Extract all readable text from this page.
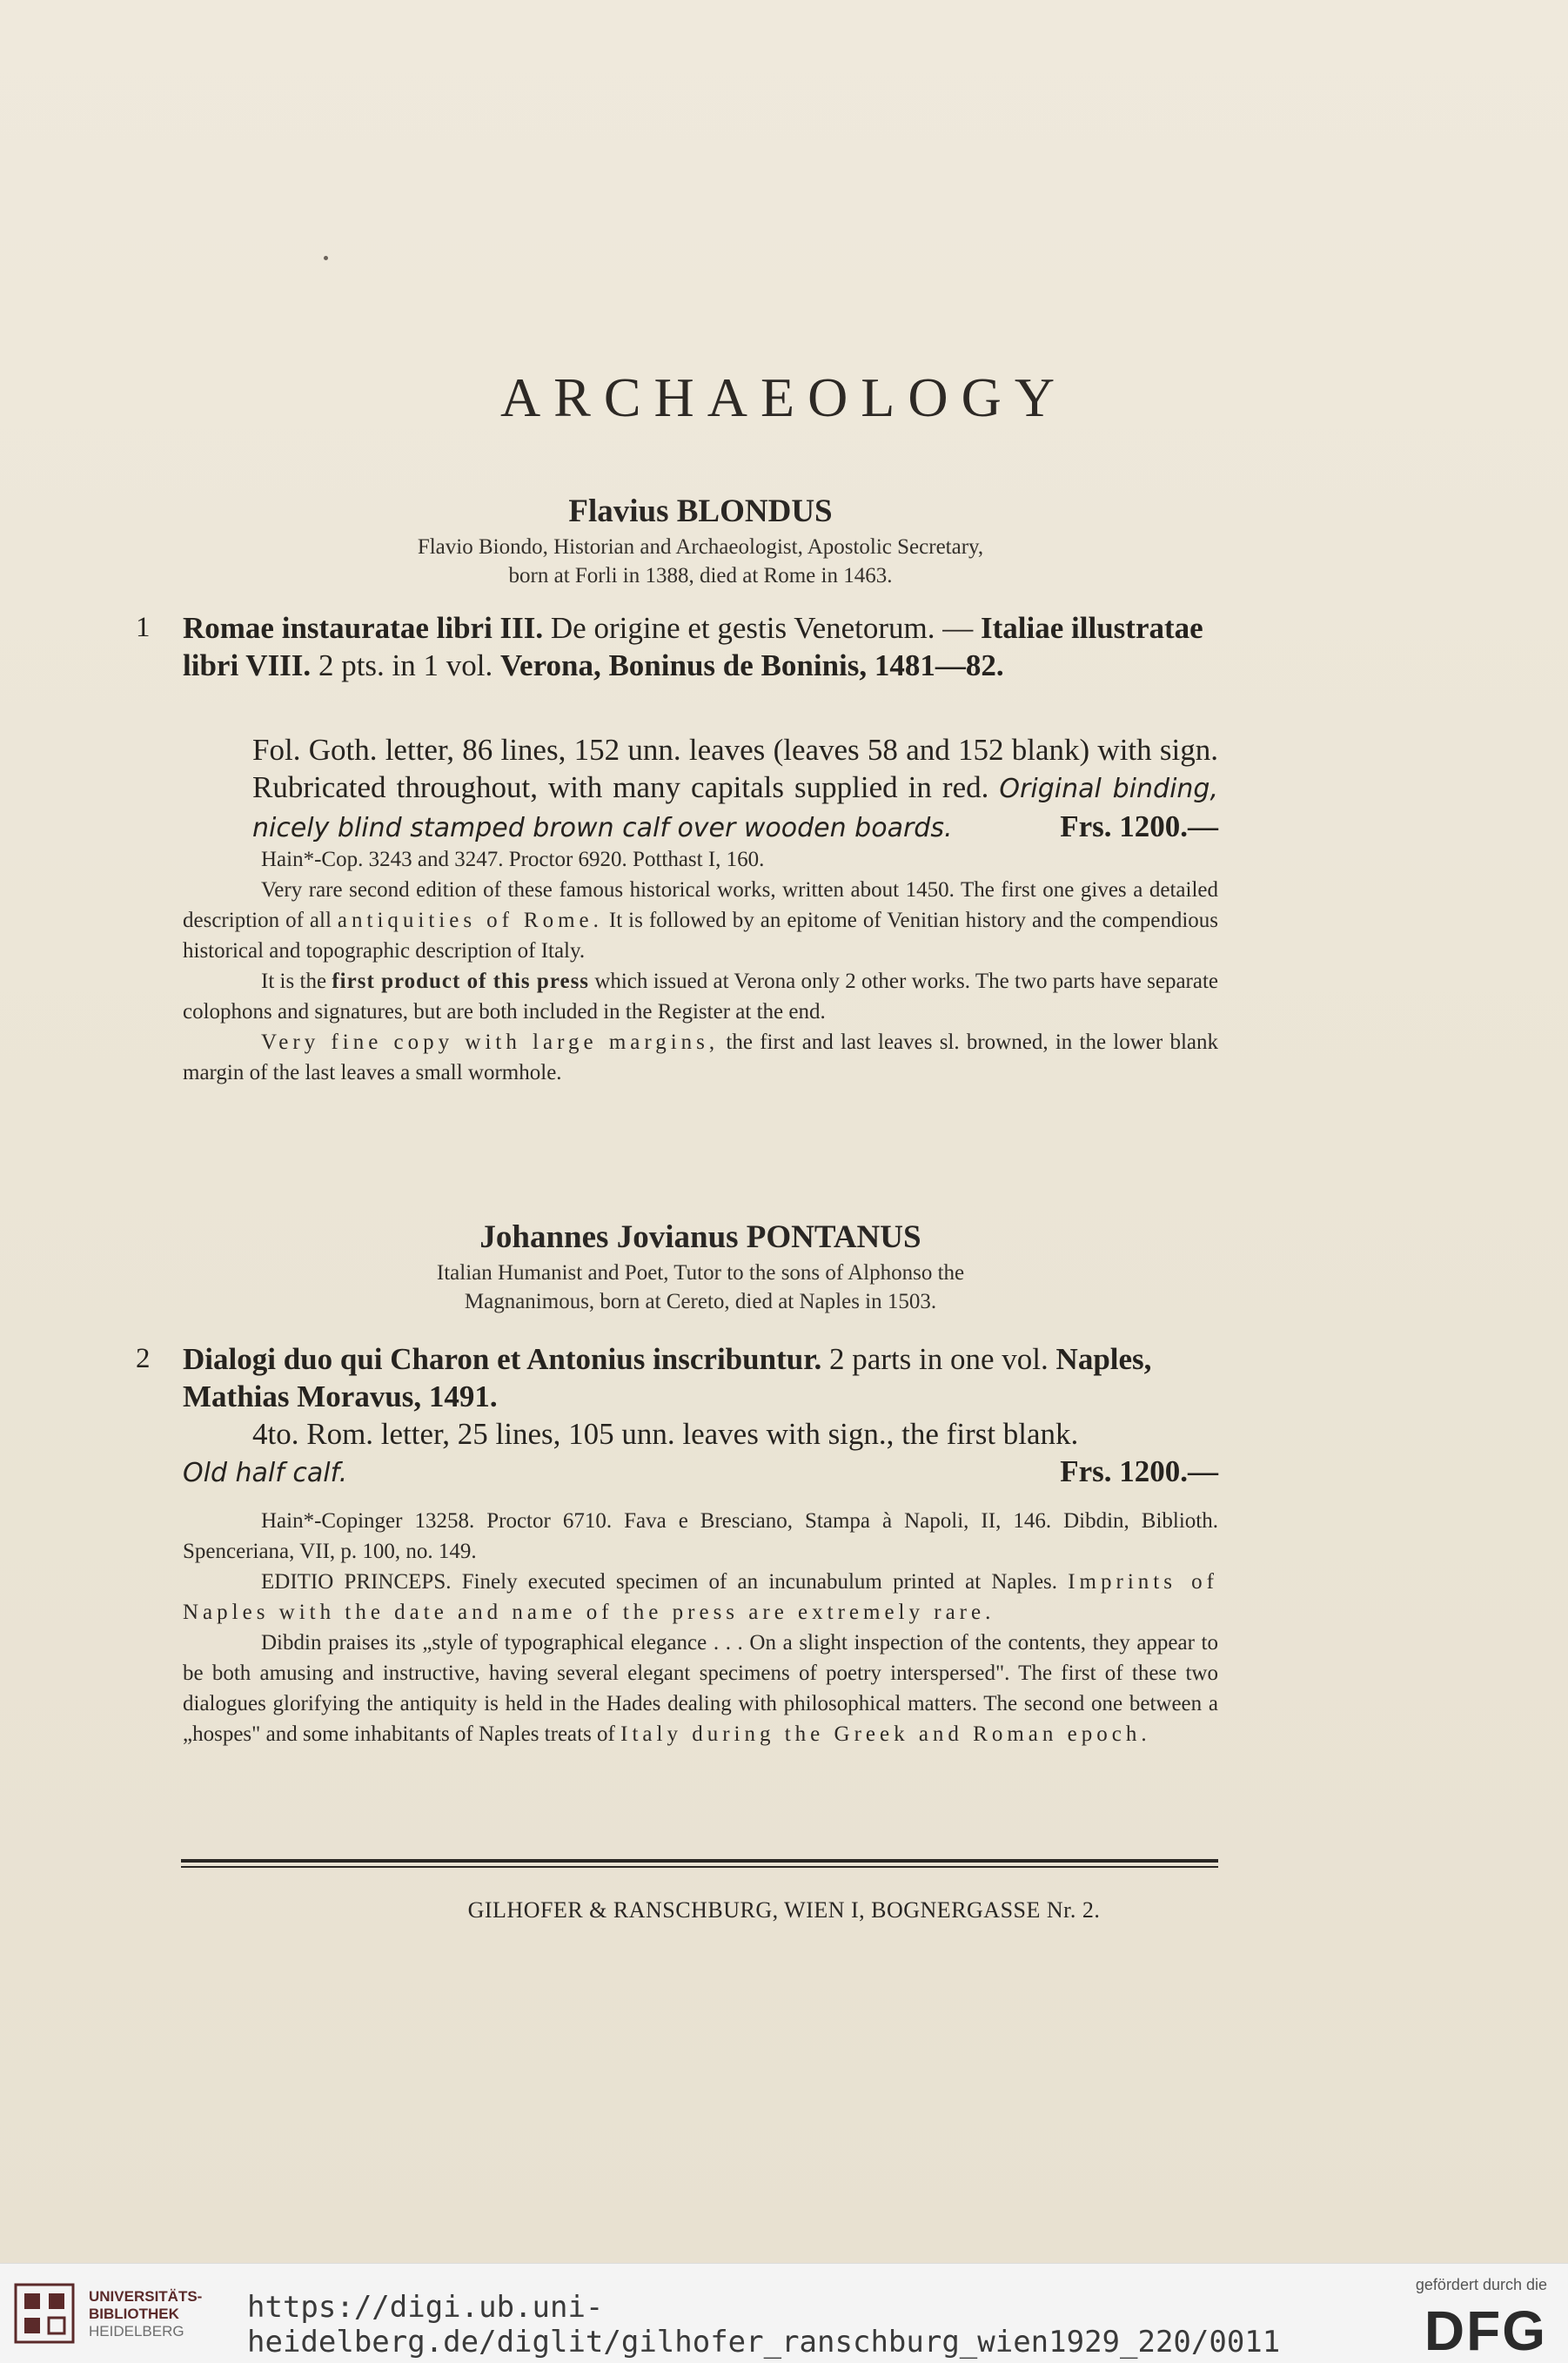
ARCHAEOLOGY
Flavius BLONDUS
Flavio Biondo, Historian and Archaeologist, Apostolic Secretary,
born at Forli in 1388, died at Rome in 1463.
1 Romae instauratae libri III. De origine et gestis Venetorum. — Italiae illustratae libri VIII. 2 pts. in 1 vol. Verona, Boninus de Boninis, 1481—82.
Fol. Goth. letter, 86 lines, 152 unn. leaves (leaves 58 and 152 blank) with sign. Rubricated throughout, with many capitals supplied in red. Original binding, nicely blind stamped brown calf over wooden boards.	Frs. 1200.—

Hain*-Cop. 3243 and 3247. Proctor 6920. Potthast I, 160.

Very rare second edition of these famous historical works, written about 1450. The first one gives a detailed description of all antiquities of Rome. It is followed by an epitome of Venitian history and the compendious historical and topographic description of Italy.

It is the first product of this press which issued at Verona only 2 other works. The two parts have separate colophons and signatures, but are both included in the Register at the end.

Very fine copy with large margins, the first and last leaves sl. browned, in the lower blank margin of the last leaves a small wormhole.

Johannes Jovianus PONTANUS
Italian Humanist and Poet, Tutor to the sons of Alphonso the
Magnanimous, born at Cereto, died at Naples in 1503.
2 Dialogi duo qui Charon et Antonius inscribuntur. 2 parts in one vol. Naples, Mathias Moravus, 1491.
4to. Rom. letter, 25 lines, 105 unn. leaves with sign., the first blank.
Old half calf.	Frs. 1200.—

Hain*-Copinger 13258. Proctor 6710. Fava e Bresciano, Stampa à Napoli, II, 146. Dibdin, Biblioth. Spenceriana, VII, p. 100, no. 149.

EDITIO PRINCEPS. Finely executed specimen of an incunabulum printed at Naples. Imprints of Naples with the date and name of the press are extremely rare.

Dibdin praises its „style of typographical elegance . . . On a slight inspection of the contents, they appear to be both amusing and instructive, having several elegant specimens of poetry interspersed". The first of these two dialogues glorifying the antiquity is held in the Hades dealing with philosophical matters. The second one between a „hospes" and some inhabitants of Naples treats of Italy during the Greek and Roman epoch.

GILHOFER & RANSCHBURG, WIEN I, BOGNERGASSE Nr. 2.
UNIVERSITÄTS-
BIBLIOTHEK
HEIDELBERG
https://digi.ub.uni-heidelberg.de/diglit/gilhofer_ranschburg_wien1929_220/0011
gefördert durch die
DFG
